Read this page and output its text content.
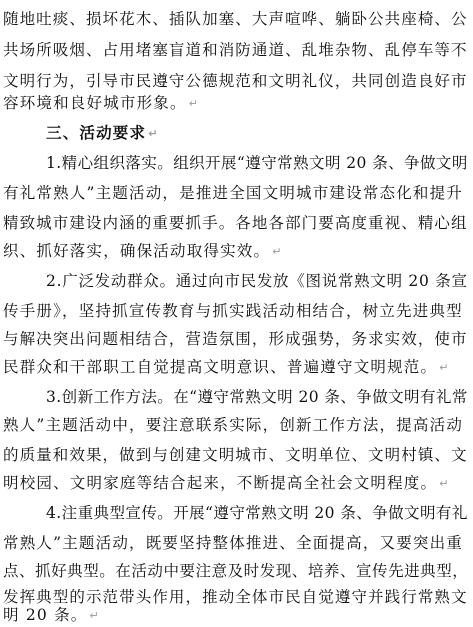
随地吐痰、损坏花木、插队加塞、大声喧哗、躺卧公共座椅、公
共场所吸烟、占用堵塞盲道和消防通道、乱堆杂物、乱停车等不
文明行为，引导市民遵守公德规范和文明礼仪，共同创造良好市
容环境和良好城市形象。 ↵
三、活动要求 ↵
1.精心组织落实。组织开展“遵守常熟文明 20 条、争做文明
有礼常熟人”主题活动，是推进全国文明城市建设常态化和提升
精致城市建设内涵的重要抓手。各地各部门要高度重视、精心组
织、抓好落实，确保活动取得实效。 ↵
2.广泛发动群众。通过向市民发放《图说常熟文明 20 条宣
传手册》，坚持抓宣传教育与抓实践活动相结合，树立先进典型
与解决突出问题相结合，营造氛围，形成强势，务求实效，使市
民群众和干部职工自觉提高文明意识、普遍遵守文明规范。 ↵
3.创新工作方法。在“遵守常熟文明 20 条、争做文明有礼常
熟人”主题活动中，要注意联系实际，创新工作方法，提高活动
的质量和效果，做到与创建文明城市、文明单位、文明村镇、文
明校园、文明家庭等结合起来，不断提高全社会文明程度。 ↵
4.注重典型宣传。开展“遵守常熟文明 20 条、争做文明有礼
常熟人”主题活动，既要坚持整体推进、全面提高，又要突出重
点、抓好典型。在活动中要注意及时发现、培养、宣传先进典型，
发挥典型的示范带头作用，推动全体市民自觉遵守并践行常熟文
明 20 条。 ↵
